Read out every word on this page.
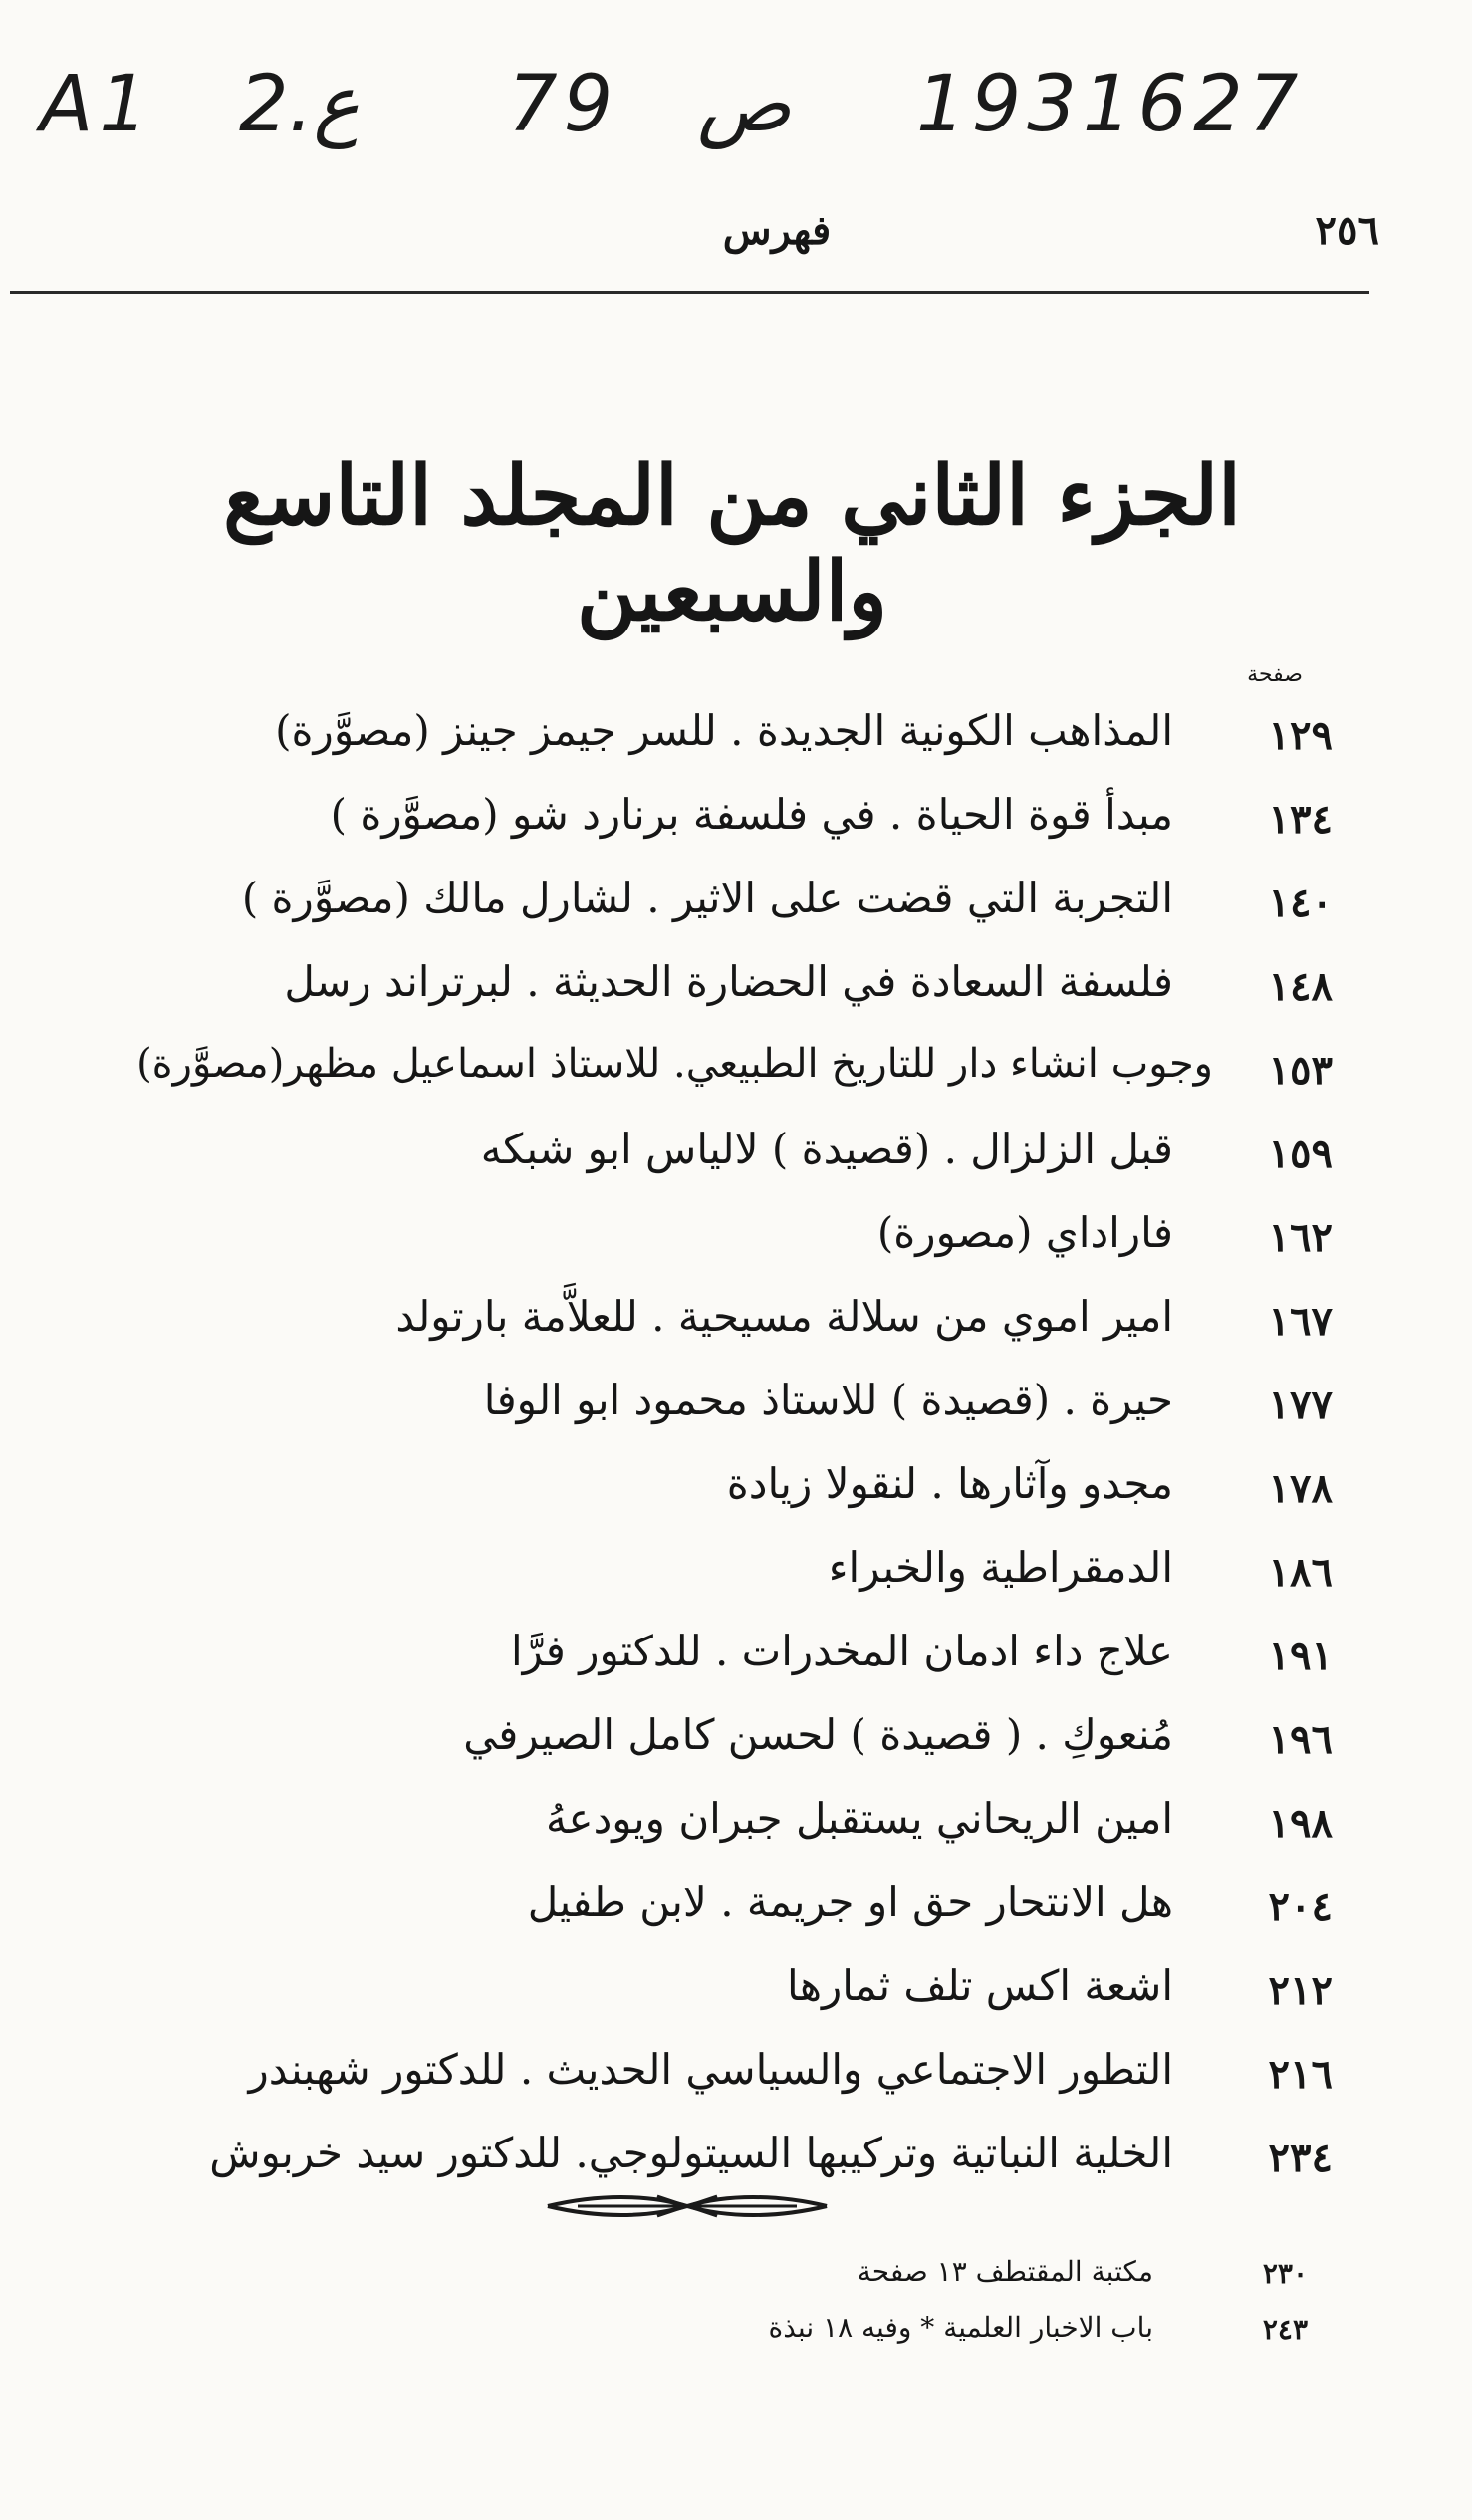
A1 2.ع 79 ص 1931627
فهرس	٢٥٦
الجزء الثاني من المجلد التاسع والسبعين
صفحة
١٢٩
المذاهب الكونية الجديدة . للسر جيمز جينز (مصوَّرة)
١٣٤
مبدأ قوة الحياة . في فلسفة برنارد شو (مصوَّرة )
١٤٠
التجربة التي قضت على الاثير . لشارل مالك (مصوَّرة )
١٤٨
فلسفة السعادة في الحضارة الحديثة . لبرتراند رسل
١٥٣
وجوب انشاء دار للتاريخ الطبيعي. للاستاذ اسماعيل مظهر(مصوَّرة)
١٥٩
قبل الزلزال . (قصيدة ) لالياس ابو شبكه
١٦٢
فاراداي (مصورة)
١٦٧
امير اموي من سلالة مسيحية . للعلاَّمة بارتولد
١٧٧
حيرة . (قصيدة ) للاستاذ محمود ابو الوفا
١٧٨
مجدو وآثارها . لنقولا زيادة
١٨٦
الدمقراطية والخبراء
١٩١
علاج داء ادمان المخدرات . للدكتور فرَّا
١٩٦
مُنعوكِ . ( قصيدة ) لحسن كامل الصيرفي
١٩٨
امين الريحاني يستقبل جبران ويودعهُ
٢٠٤
هل الانتحار حق او جريمة . لابن طفيل
٢١٢
اشعة اكس تلف ثمارها
٢١٦
التطور الاجتماعي والسياسي الحديث . للدكتور شهبندر
٢٣٤
الخلية النباتية وتركيبها السيتولوجي. للدكتور سيد خربوش
٢٣٠
مكتبة المقتطف ١٣ صفحة
٢٤٣
باب الاخبار العلمية * وفيه ١٨ نبذة
